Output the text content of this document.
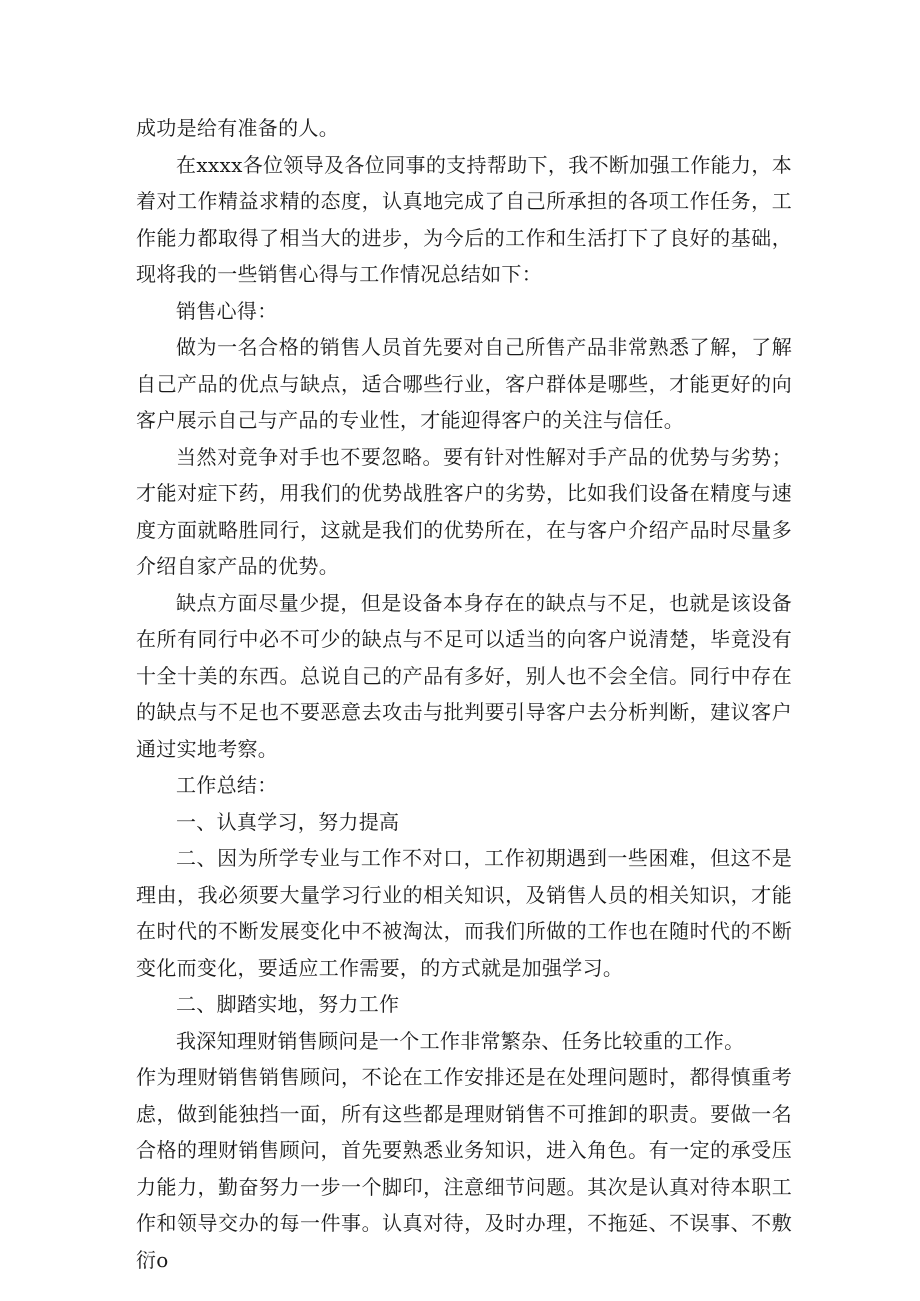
成功是给有准备的人。

在xxxx各位领导及各位同事的支持帮助下，我不断加强工作能力，本着对工作精益求精的态度，认真地完成了自己所承担的各项工作任务，工作能力都取得了相当大的进步，为今后的工作和生活打下了良好的基础，现将我的一些销售心得与工作情况总结如下：

销售心得：

做为一名合格的销售人员首先要对自己所售产品非常熟悉了解，了解自己产品的优点与缺点，适合哪些行业，客户群体是哪些，才能更好的向客户展示自己与产品的专业性，才能迎得客户的关注与信任。

当然对竞争对手也不要忽略。要有针对性解对手产品的优势与劣势；才能对症下药，用我们的优势战胜客户的劣势，比如我们设备在精度与速度方面就略胜同行，这就是我们的优势所在，在与客户介绍产品时尽量多介绍自家产品的优势。

缺点方面尽量少提，但是设备本身存在的缺点与不足，也就是该设备在所有同行中必不可少的缺点与不足可以适当的向客户说清楚，毕竟没有十全十美的东西。总说自己的产品有多好，别人也不会全信。同行中存在的缺点与不足也不要恶意去攻击与批判要引导客户去分析判断，建议客户通过实地考察。

工作总结：

一、认真学习，努力提高

二、因为所学专业与工作不对口，工作初期遇到一些困难，但这不是理由，我必须要大量学习行业的相关知识，及销售人员的相关知识，才能在时代的不断发展变化中不被淘汰，而我们所做的工作也在随时代的不断变化而变化，要适应工作需要，的方式就是加强学习。

二、脚踏实地，努力工作

我深知理财销售顾问是一个工作非常繁杂、任务比较重的工作。

作为理财销售销售顾问，不论在工作安排还是在处理问题时，都得慎重考虑，做到能独挡一面，所有这些都是理财销售不可推卸的职责。要做一名合格的理财销售顾问，首先要熟悉业务知识，进入角色。有一定的承受压力能力，勤奋努力一步一个脚印，注意细节问题。其次是认真对待本职工作和领导交办的每一件事。认真对待，及时办理，不拖延、不误事、不敷衍o
